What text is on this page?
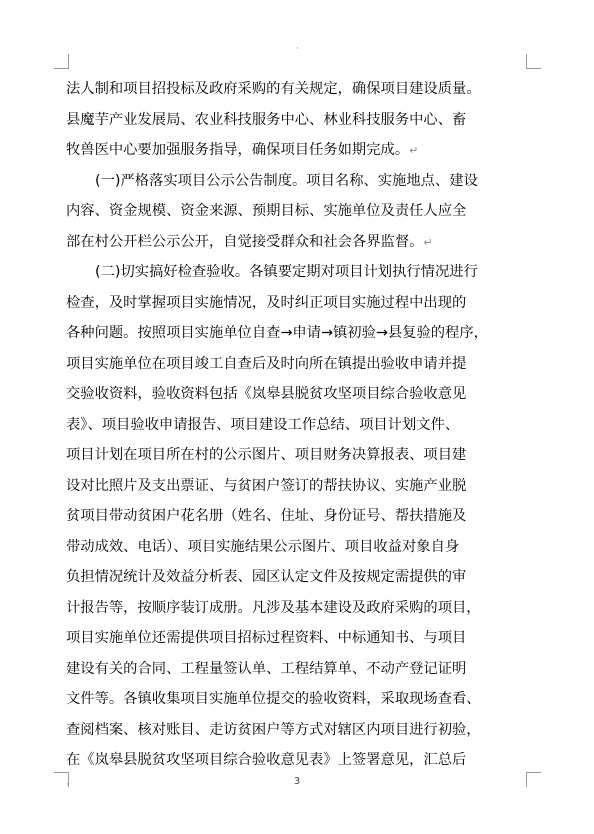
·
·	3
法人制和项目招投标及政府采购的有关规定，确保项目建设质量。
县魔芋产业发展局、农业科技服务中心、林业科技服务中心、畜
牧兽医中心要加强服务指导，确保项目任务如期完成。↵
(一)严格落实项目公示公告制度。项目名称、实施地点、建设
内容、资金规模、资金来源、预期目标、实施单位及责任人应全
部在村公开栏公示公开，自觉接受群众和社会各界监督。↵
(二)切实搞好检查验收。各镇要定期对项目计划执行情况进行
检查，及时掌握项目实施情况，及时纠正项目实施过程中出现的
各种问题。按照项目实施单位自查→申请→镇初验→县复验的程序，
项目实施单位在项目竣工自查后及时向所在镇提出验收申请并提
交验收资料，验收资料包括《岚皋县脱贫攻坚项目综合验收意见
表》、项目验收申请报告、项目建设工作总结、项目计划文件、
项目计划在项目所在村的公示图片、项目财务决算报表、项目建
设对比照片及支出票证、与贫困户签订的帮扶协议、实施产业脱
贫项目带动贫困户花名册（姓名、住址、身份证号、帮扶措施及
带动成效、电话）、项目实施结果公示图片、项目收益对象自身
负担情况统计及效益分析表、园区认定文件及按规定需提供的审
计报告等，按顺序装订成册。凡涉及基本建设及政府采购的项目，
项目实施单位还需提供项目招标过程资料、中标通知书、与项目
建设有关的合同、工程量签认单、工程结算单、不动产登记证明
文件等。各镇收集项目实施单位提交的验收资料，采取现场查看、
查阅档案、核对账目、走访贫困户等方式对辖区内项目进行初验，
在《岚皋县脱贫攻坚项目综合验收意见表》上签署意见，汇总后
